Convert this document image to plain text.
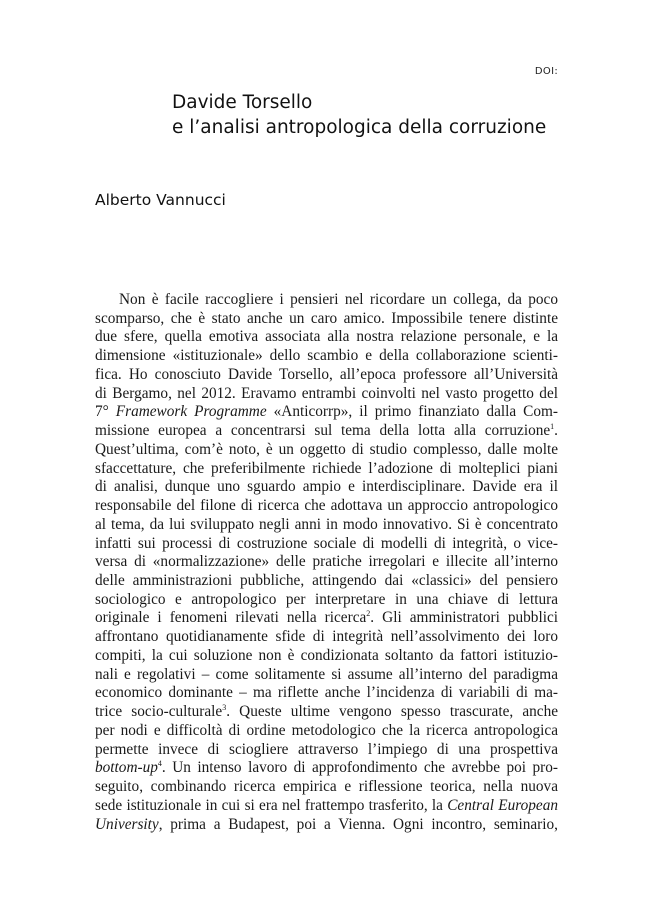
DOI:
Davide Torsello
e l’analisi antropologica della corruzione
Alberto Vannucci
Non è facile raccogliere i pensieri nel ricordare un collega, da poco
scomparso, che è stato anche un caro amico. Impossibile tenere distinte
due sfere, quella emotiva associata alla nostra relazione personale, e la
dimensione «istituzionale» dello scambio e della collaborazione scienti-
fica. Ho conosciuto Davide Torsello, all’epoca professore all’Università
di Bergamo, nel 2012. Eravamo entrambi coinvolti nel vasto progetto del
7° Framework Programme «Anticorrp», il primo finanziato dalla Com-
missione europea a concentrarsi sul tema della lotta alla corruzione$^1$.
Quest’ultima, com’è noto, è un oggetto di studio complesso, dalle molte
sfaccettature, che preferibilmente richiede l’adozione di molteplici piani
di analisi, dunque uno sguardo ampio e interdisciplinare. Davide era il
responsabile del filone di ricerca che adottava un approccio antropologico
al tema, da lui sviluppato negli anni in modo innovativo. Si è concentrato
infatti sui processi di costruzione sociale di modelli di integrità, o vice-
versa di «normalizzazione» delle pratiche irregolari e illecite all’interno
delle amministrazioni pubbliche, attingendo dai «classici» del pensiero
sociologico e antropologico per interpretare in una chiave di lettura
originale i fenomeni rilevati nella ricerca$^2$. Gli amministratori pubblici
affrontano quotidianamente sfide di integrità nell’assolvimento dei loro
compiti, la cui soluzione non è condizionata soltanto da fattori istituzio-
nali e regolativi – come solitamente si assume all’interno del paradigma
economico dominante – ma riflette anche l’incidenza di variabili di ma-
trice socio-culturale$^3$. Queste ultime vengono spesso trascurate, anche
per nodi e difficoltà di ordine metodologico che la ricerca antropologica
permette invece di sciogliere attraverso l’impiego di una prospettiva
bottom-$up^4$. Un intenso lavoro di approfondimento che avrebbe poi pro-
seguito, combinando ricerca empirica e riflessione teorica, nella nuova
sede istituzionale in cui si era nel frattempo trasferito, la Central European
University, prima a Budapest, poi a Vienna. Ogni incontro, seminario,
